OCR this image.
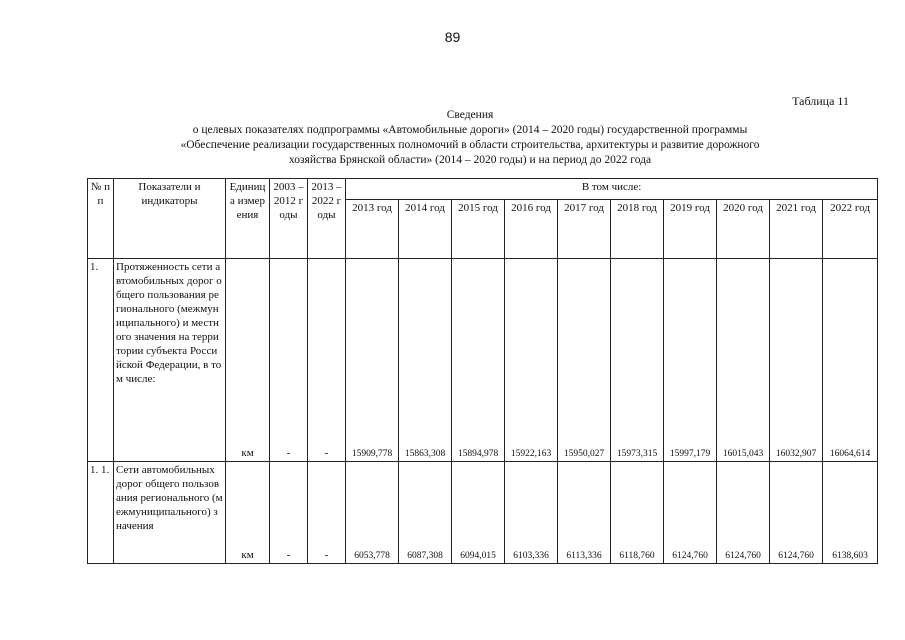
89
Таблица 11
Сведения
о целевых показателях подпрограммы «Автомобильные дороги» (2014 – 2020 годы) государственной программы
«Обеспечение реализации государственных полномочий в области строительства, архитектуры и развитие дорожного
хозяйства Брянской области» (2014 – 2020 годы) и на период до 2022 года
№ п п	Показатели и индикаторы	Единица измерения	2003 – 2012 годы	2013 – 2022 годы	В том числе:									
					2013 год	2014 год	2015 год	2016 год	2017 год	2018 год	2019 год	2020 год	2021 год	2022 год
1.	Протяженность сети автомобильных дорог общего пользования регионального (межмуниципального) и местного значения на территории субъекта Российской Федерации, в том числе:	км	-	-	15909,778	15863,308	15894,978	15922,163	15950,027	15973,315	15997,179	16015,043	16032,907	16064,614
1. 1.	Сети автомобильных дорог общего пользования регионального (межмуниципального) значения	км	-	-	6053,778	6087,308	6094,015	6103,336	6113,336	6118,760	6124,760	6124,760	6124,760	6138,603
